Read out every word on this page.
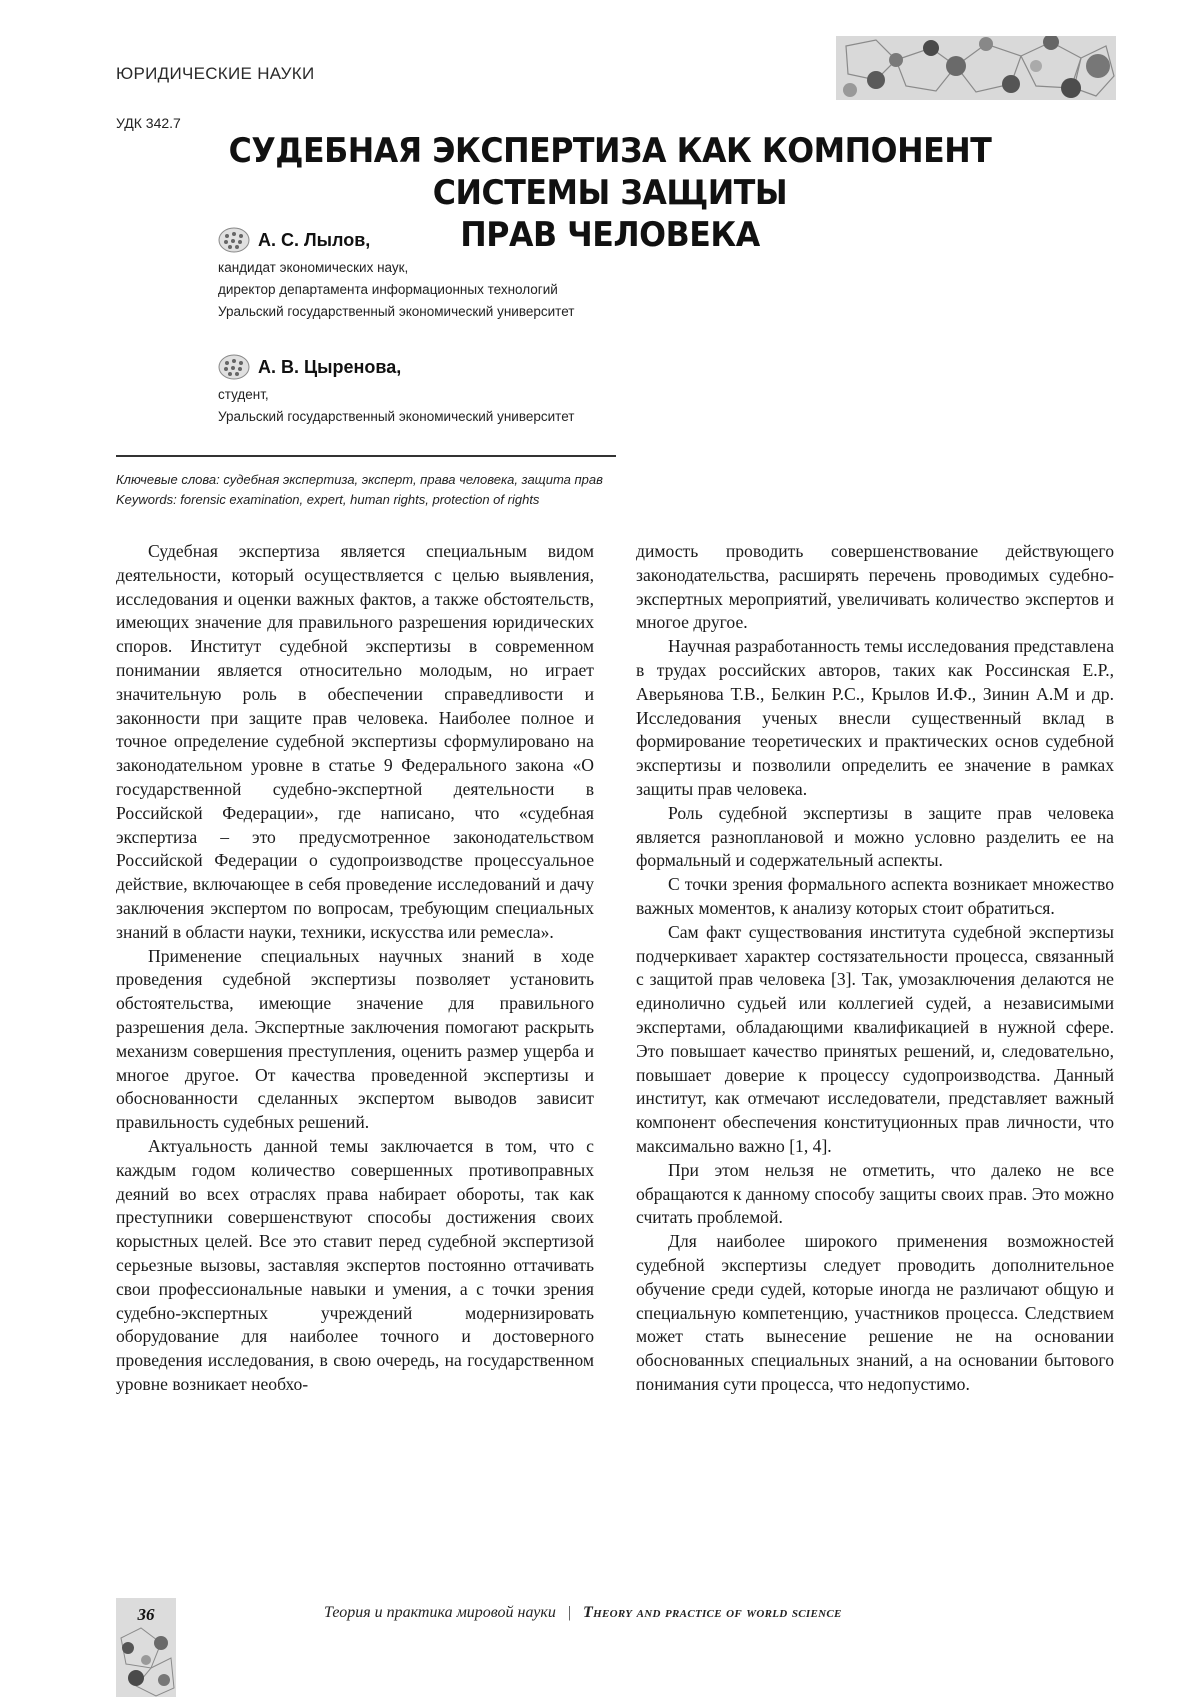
ЮРИДИЧЕСКИЕ НАУКИ
УДК 342.7
СУДЕБНАЯ ЭКСПЕРТИЗА КАК КОМПОНЕНТ СИСТЕМЫ ЗАЩИТЫ
ПРАВ ЧЕЛОВЕКА
А. С. Лылов,
кандидат экономических наук,
директор департамента информационных технологий
Уральский государственный экономический университет
А. В. Цыренова,
студент,
Уральский государственный экономический университет
Ключевые слова: судебная экспертиза, эксперт, права человека, защита прав
Keywords: forensic examination, expert, human rights, protection of rights

Судебная экспертиза является специальным видом деятельности, который осуществляется с целью выявления, исследования и оценки важных фактов, а также обстоятельств, имеющих значение для правильного разрешения юридических споров. Институт судебной экспертизы в современном понимании является относительно молодым, но играет значительную роль в обеспечении справедливости и законности при защите прав человека. Наиболее полное и точное определение судебной экспертизы сформулировано на законодательном уровне в статье 9 Федерального закона «О государственной судебно-экспертной деятельности в Российской Федерации», где написано, что «судебная экспертиза – это предусмотренное законодательством Российской Федерации о судопроизводстве процессуальное действие, включающее в себя проведение исследований и дачу заключения экспертом по вопросам, требующим специальных знаний в области науки, техники, искусства или ремесла».

Применение специальных научных знаний в ходе проведения судебной экспертизы позволяет установить обстоятельства, имеющие значение для правильного разрешения дела. Экспертные заключения помогают раскрыть механизм совершения преступления, оценить размер ущерба и многое другое. От качества проведенной экспертизы и обоснованности сделанных экспертом выводов зависит правильность судебных решений.

Актуальность данной темы заключается в том, что с каждым годом количество совершенных противоправных деяний во всех отраслях права набирает обороты, так как преступники совершенствуют способы достижения своих корыстных целей. Все это ставит перед судебной экспертизой серьезные вызовы, заставляя экспертов постоянно оттачивать свои профессиональные навыки и умения, а с точки зрения судебно-экспертных учреждений модернизировать оборудование для наиболее точного и достоверного проведения исследования, в свою очередь, на государственном уровне возникает необхо-

димость проводить совершенствование действующего законодательства, расширять перечень проводимых судебно-экспертных мероприятий, увеличивать количество экспертов и многое другое.

Научная разработанность темы исследования представлена в трудах российских авторов, таких как Россинская Е.Р., Аверьянова Т.В., Белкин Р.С., Крылов И.Ф., Зинин А.М и др. Исследования ученых внесли существенный вклад в формирование теоретических и практических основ судебной экспертизы и позволили определить ее значение в рамках защиты прав человека.

Роль судебной экспертизы в защите прав человека является разноплановой и можно условно разделить ее на формальный и содержательный аспекты.

С точки зрения формального аспекта возникает множество важных моментов, к анализу которых стоит обратиться.

Сам факт существования института судебной экспертизы подчеркивает характер состязательности процесса, связанный с защитой прав человека [3]. Так, умозаключения делаются не единолично судьей или коллегией судей, а независимыми экспертами, обладающими квалификацией в нужной сфере. Это повышает качество принятых решений, и, следовательно, повышает доверие к процессу судопроизводства. Данный институт, как отмечают исследователи, представляет важный компонент обеспечения конституционных прав личности, что максимально важно [1, 4].

При этом нельзя не отметить, что далеко не все обращаются к данному способу защиты своих прав. Это можно считать проблемой.

Для наиболее широкого применения возможностей судебной экспертизы следует проводить дополнительное обучение среди судей, которые иногда не различают общую и специальную компетенцию, участников процесса. Следствием может стать вынесение решение не на основании обоснованных специальных знаний, а на основании бытового понимания сути процесса, что недопустимо.

36	Теория и практика мировой науки | Theory and practice of world science
